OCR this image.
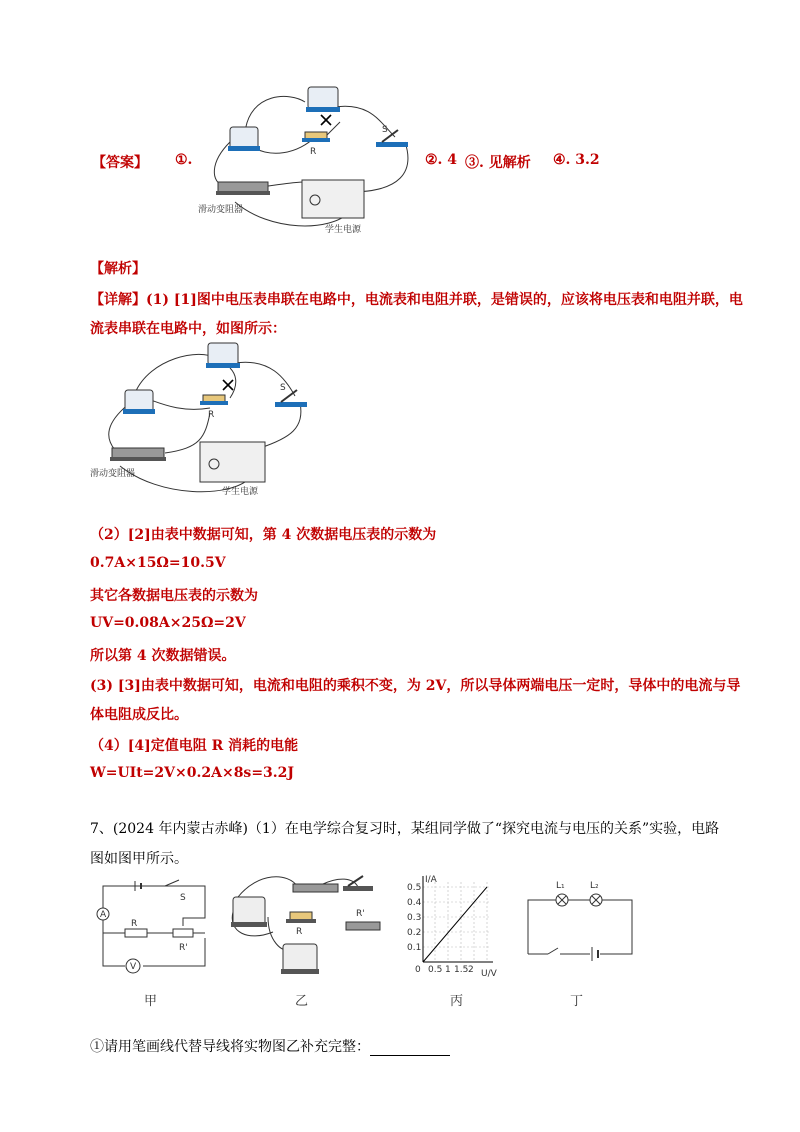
【答案】 ①.	②. 4 ③. 见解析 ④. 3.2
R
S
滑动变阻器
学生电源
【解析】
【详解】(1) [1]图中电压表串联在电路中，电流表和电阻并联，是错误的，应该将电压表和电阻并联，电
流表串联在电路中，如图所示：
R
S
滑动变阻器
学生电源
（2）[2]由表中数据可知，第 4 次数据电压表的示数为
0.7A×15Ω=10.5V
其它各数据电压表的示数为
UV=0.08A×25Ω=2V
所以第 4 次数据错误。
(3) [3]由表中数据可知，电流和电阻的乘积不变，为 2V，所以导体两端电压一定时，导体中的电流与导
体电阻成反比。
（4）[4]定值电阻 R 消耗的电能
W=UIt=2V×0.2A×8s=3.2J
7、(2024 年内蒙古赤峰)（1）在电学综合复习时，某组同学做了“探究电流与电压的关系”实验，电路
图如图甲所示。
A
S
R
R'
V
甲
R
R'
乙
I/A
U/V
0.5
0.4
0.3
0.2
0.1
0 0.5 1 1.5 2
丙
L₁	L₂
丁
①请用笔画线代替导线将实物图乙补充完整：
